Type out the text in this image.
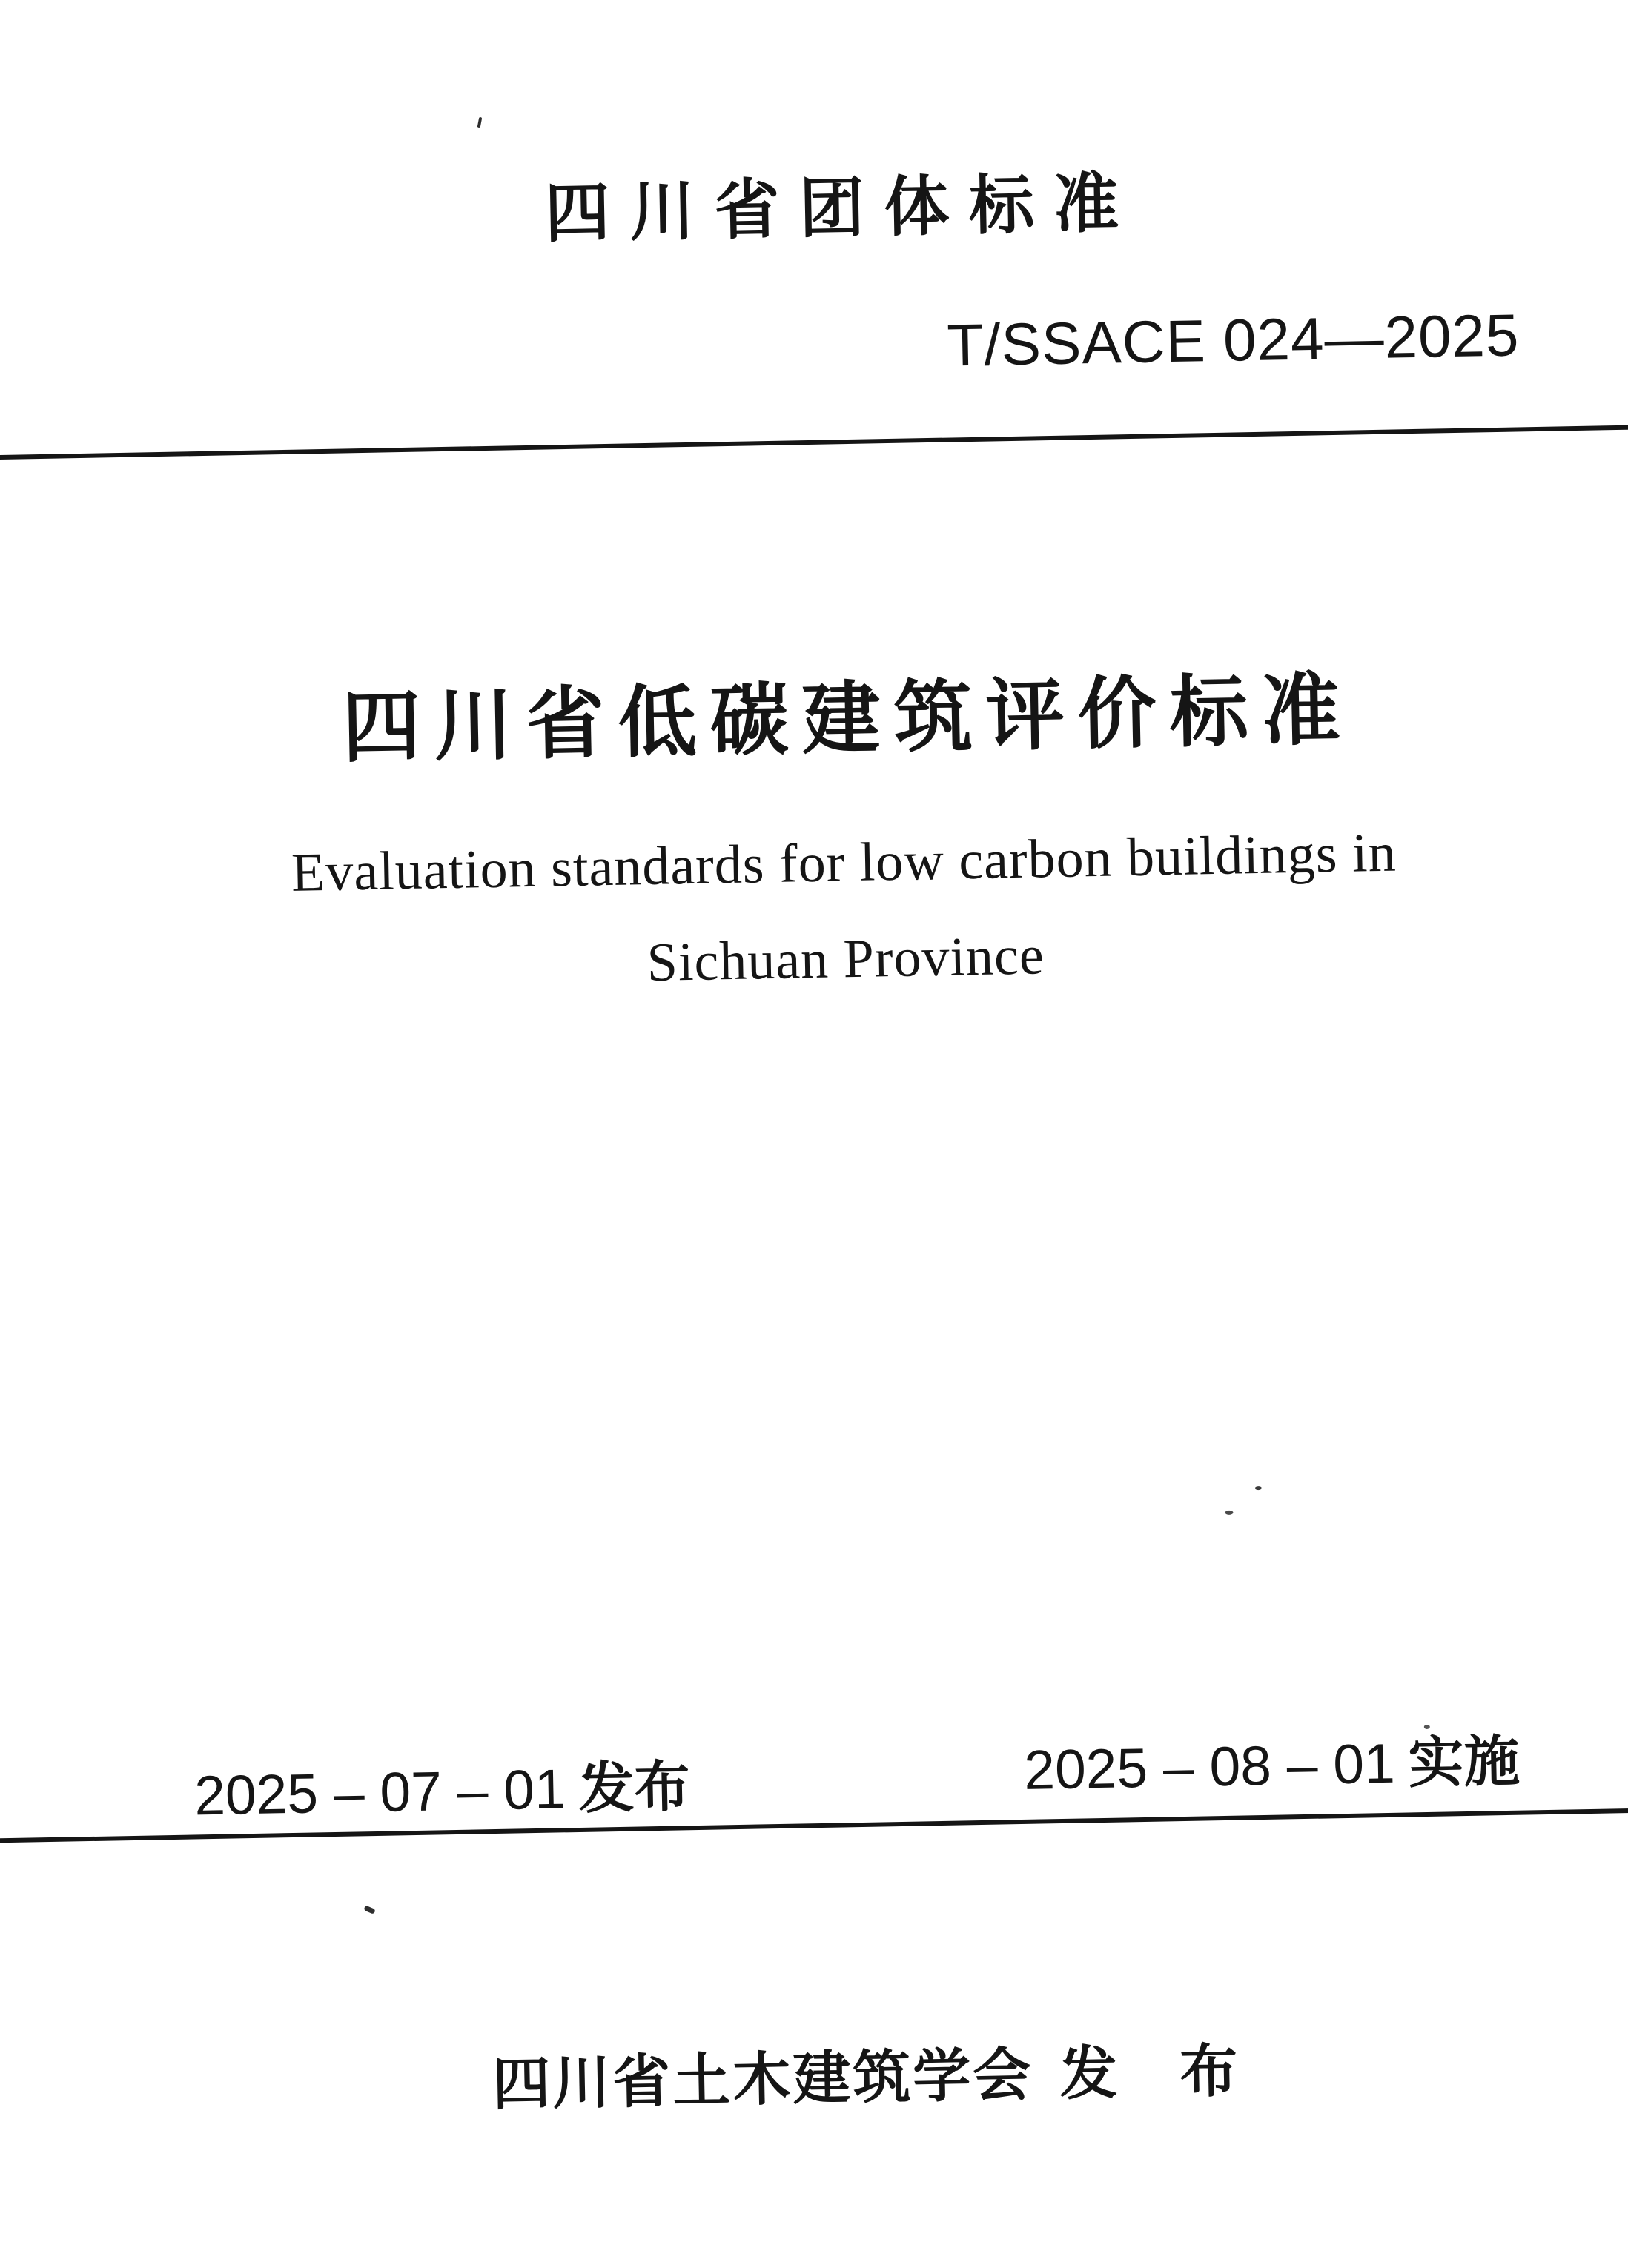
四川省团体标准
T/SSACE 024—2025
四川省低碳建筑评价标准
Evaluation standards for low carbon buildings in
Sichuan Province
四川省土木建筑学会 发　布
2025 – 07 – 01 发布	2025 – 08 – 01 实施
